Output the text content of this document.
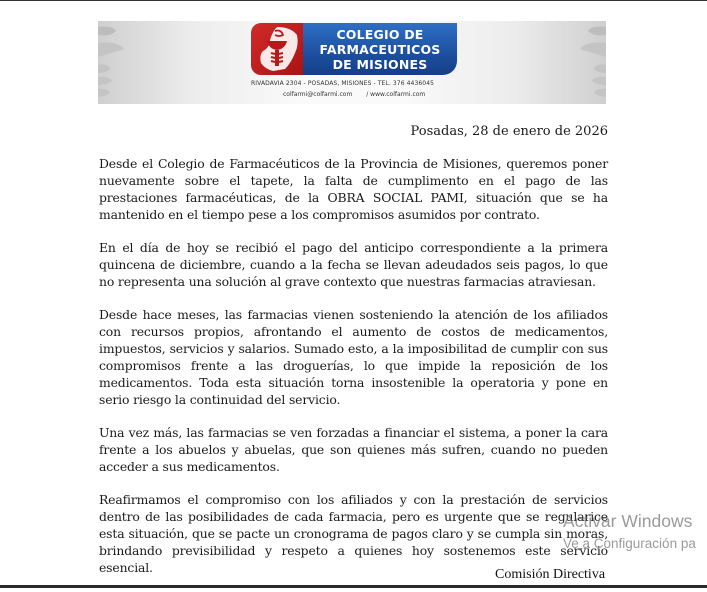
COLEGIO DE
FARMACEUTICOS
DE MISIONES
RIVADAVIA 2304 - POSADAS, MISIONES - TEL. 376 4436045
colfarmi@colfarmi.com / www.colfarmi.com
Posadas, 28 de enero de 2026

Desde el Colegio de Farmacéuticos de la Provincia de Misiones, queremos poner nuevamente sobre el tapete, la falta de cumplimento en el pago de las prestaciones farmacéuticas, de la OBRA SOCIAL PAMI, situación que se ha mantenido en el tiempo pese a los compromisos asumidos por contrato.

En el día de hoy se recibió el pago del anticipo correspondiente a la primera quincena de diciembre, cuando a la fecha se llevan adeudados seis pagos, lo que no representa una solución al grave contexto que nuestras farmacias atraviesan.

Desde hace meses, las farmacias vienen sosteniendo la atención de los afiliados con recursos propios, afrontando el aumento de costos de medicamentos, impuestos, servicios y salarios. Sumado esto, a la imposibilitad de cumplir con sus compromisos frente a las droguerías, lo que impide la reposición de los medicamentos. Toda esta situación torna insostenible la operatoria y pone en serio riesgo la continuidad del servicio.

Una vez más, las farmacias se ven forzadas a financiar el sistema, a poner la cara frente a los abuelos y abuelas, que son quienes más sufren, cuando no pueden acceder a sus medicamentos.

Reafirmamos el compromiso con los afiliados y con la prestación de servicios dentro de las posibilidades de cada farmacia, pero es urgente que se regularice esta situación, que se pacte un cronograma de pagos claro y se cumpla sin moras, brindando previsibilidad y respeto a quienes hoy sostenemos este servicio esencial.

Activar Windows
Ve a Configuración pa
Comisión Directiva
